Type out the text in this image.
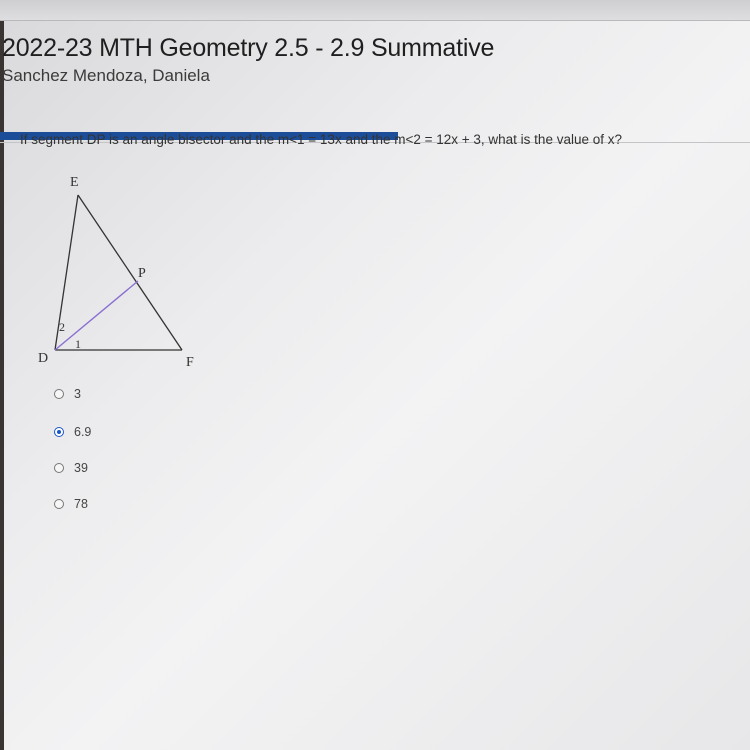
2022-23 MTH Geometry 2.5 - 2.9 Summative
Sanchez Mendoza, Daniela
If segment DP is an angle bisector and the m<1 = 13x and the m<2 = 12x + 3, what is the value of x?
E
P
D	F
2
1
3
6.9
39
78
